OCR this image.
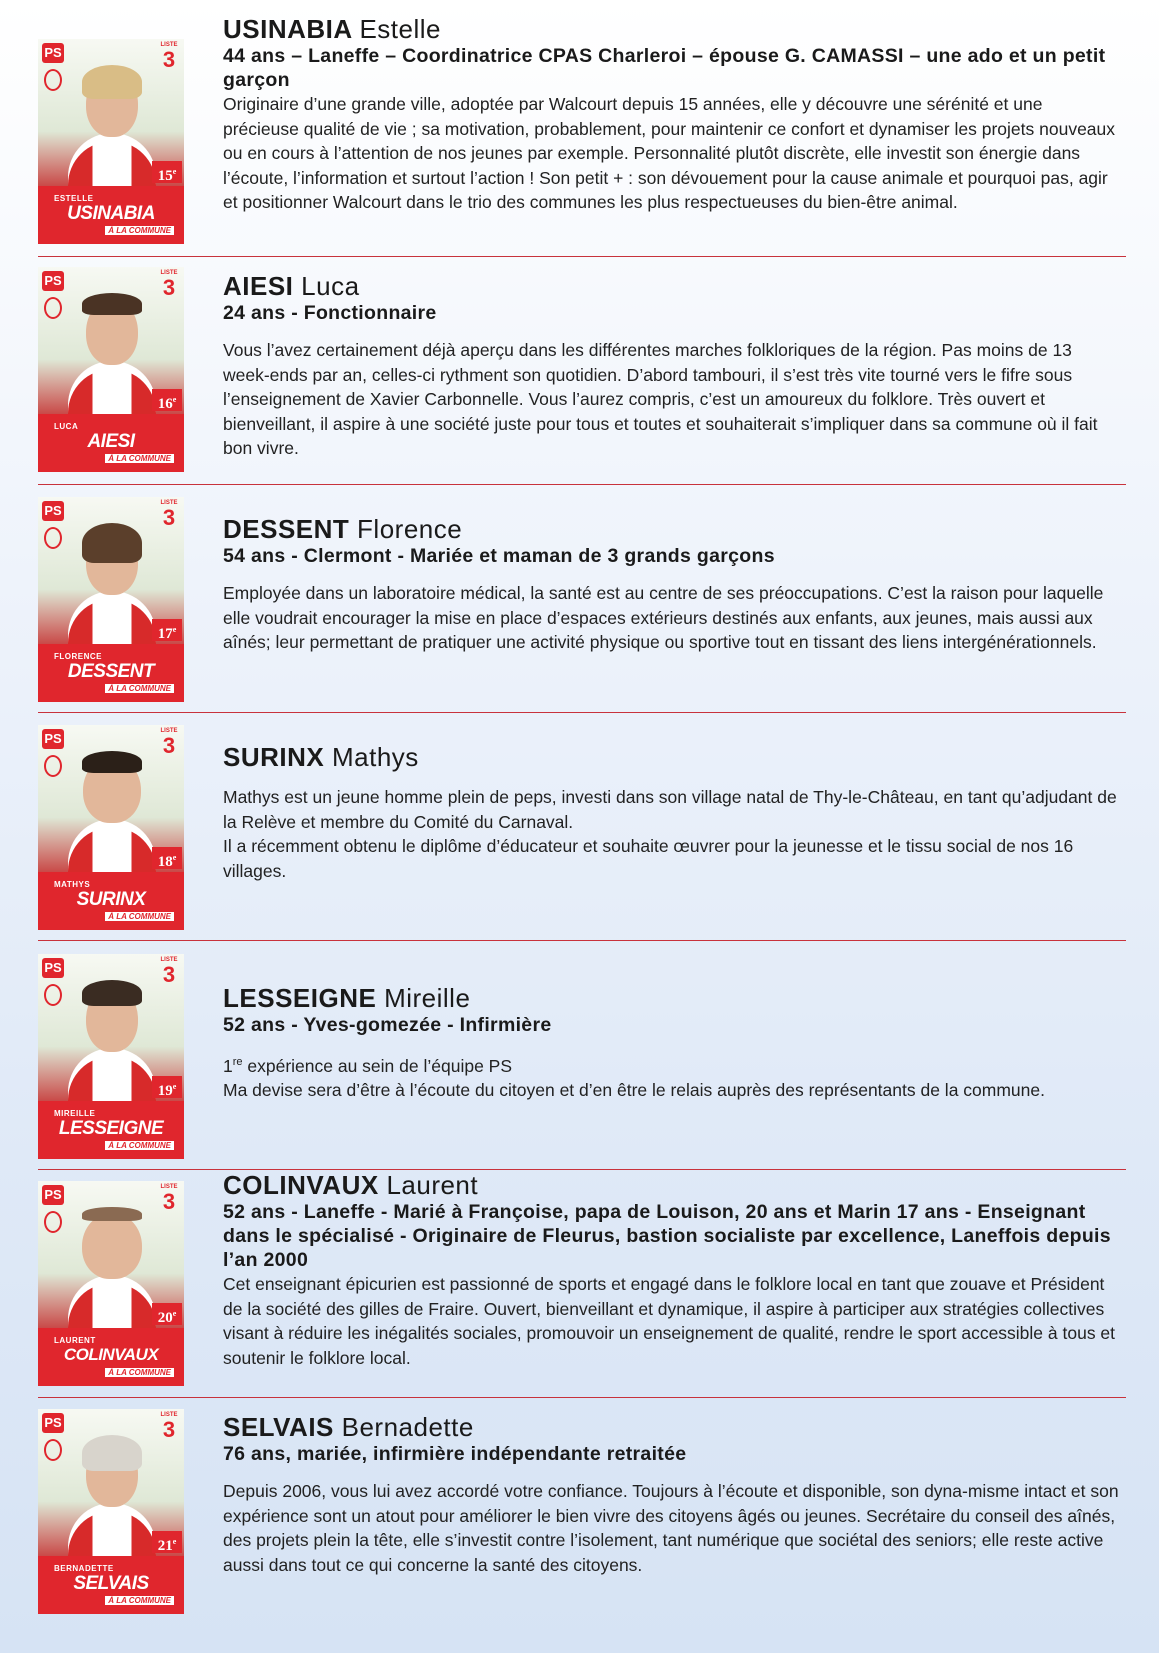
PS	LISTE
3
15e
ESTELLE
USINABIA
À LA COMMUNE
USINABIA Estelle

44 ans – Laneffe – Coordinatrice CPAS Charleroi – épouse G. CAMASSI – une ado et un petit garçon

Originaire d’une grande ville, adoptée par Walcourt depuis 15 années, elle y découvre une sérénité et une précieuse qualité de vie ; sa motivation, probablement, pour maintenir ce confort et dynamiser les projets nouveaux ou en cours à l’attention de nos jeunes par exemple. Personnalité plutôt discrète, elle investit son énergie dans l’écoute, l’information et surtout l’action ! Son petit + : son dévouement pour la cause animale et pourquoi pas, agir et positionner Walcourt dans le trio des communes les plus respectueuses du bien-être animal.

PS	LISTE
3
16e
LUCA
AIESI
À LA COMMUNE
AIESI Luca

24 ans - Fonctionnaire

Vous l’avez certainement déjà aperçu dans les différentes marches folkloriques de la région. Pas moins de 13 week-ends par an, celles-ci rythment son quotidien. D’abord tambouri, il s’est très vite tourné vers le fifre sous l’enseignement de Xavier Carbonnelle. Vous l’aurez compris, c’est un amoureux du folklore. Très ouvert et bienveillant, il aspire à une société juste pour tous et toutes et souhaiterait s’impliquer dans sa commune où il fait bon vivre.

PS	LISTE
3
17e
FLORENCE
DESSENT
À LA COMMUNE
DESSENT Florence

54 ans - Clermont - Mariée et maman de 3 grands garçons

Employée dans un laboratoire médical, la santé est au centre de ses préoccupations. C’est la raison pour laquelle elle voudrait encourager la mise en place d’espaces extérieurs destinés aux enfants, aux jeunes, mais aussi aux aînés; leur permettant de pratiquer une activité physique ou sportive tout en tissant des liens intergénérationnels.

PS	LISTE
3
18e
MATHYS
SURINX
À LA COMMUNE
SURINX Mathys

Mathys est un jeune homme plein de peps, investi dans son village natal de Thy-le-Château, en tant qu’adjudant de la Relève et membre du Comité du Carnaval.

Il a récemment obtenu le diplôme d’éducateur et souhaite œuvrer pour la jeunesse et le tissu social de nos 16 villages.

PS	LISTE
3
19e
MIREILLE
LESSEIGNE
À LA COMMUNE
LESSEIGNE Mireille

52 ans - Yves-gomezée - Infirmière

1re expérience au sein de l’équipe PS

Ma devise sera d’être à l’écoute du citoyen et d’en être le relais auprès des représentants de la commune.

PS	LISTE
3
20e
LAURENT
COLINVAUX
À LA COMMUNE
COLINVAUX Laurent

52 ans - Laneffe - Marié à Françoise, papa de Louison, 20 ans et Marin 17 ans - Enseignant dans le spécialisé - Originaire de Fleurus, bastion socialiste par excellence, Laneffois depuis l’an 2000

Cet enseignant épicurien est passionné de sports et engagé dans le folklore local en tant que zouave et Président de la société des gilles de Fraire. Ouvert, bienveillant et dynamique, il aspire à participer aux stratégies collectives visant à réduire les inégalités sociales, promouvoir un enseignement de qualité, rendre le sport accessible à tous et soutenir le folklore local.

PS	LISTE
3
21e
BERNADETTE
SELVAIS
À LA COMMUNE
SELVAIS Bernadette

76 ans, mariée, infirmière indépendante retraitée

Depuis 2006, vous lui avez accordé votre confiance. Toujours à l’écoute et disponible, son dyna-misme intact et son expérience sont un atout pour améliorer le bien vivre des citoyens âgés ou jeunes. Secrétaire du conseil des aînés, des projets plein la tête, elle s’investit contre l’isolement, tant numérique que sociétal des seniors; elle reste active aussi dans tout ce qui concerne la santé des citoyens.
